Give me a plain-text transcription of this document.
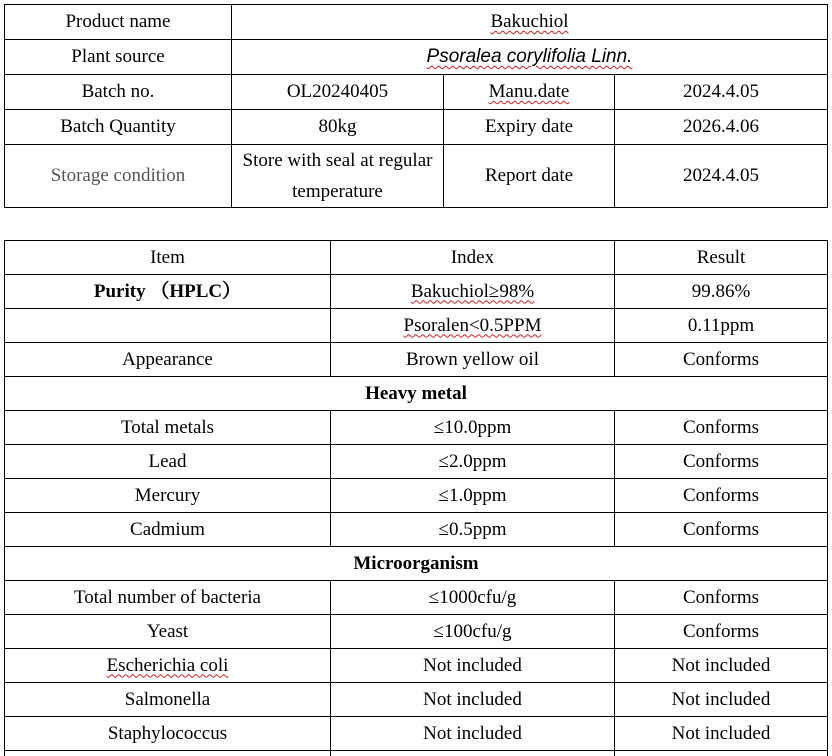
Product name	Bakuchiol		
Plant source	Psoralea corylifolia Linn.		
Batch no.	OL20240405	Manu.date	2024.4.05
Batch Quantity	80kg	Expiry date	2026.4.06
Storage condition	Store with seal at regular temperature	Report date	2024.4.05
Item	Index	Result
Purity （HPLC）	Bakuchiol≥98%	99.86%
	Psoralen<0.5PPM	0.11ppm
Appearance	Brown yellow oil	Conforms
Heavy metal		
Total metals	≤10.0ppm	Conforms
Lead	≤2.0ppm	Conforms
Mercury	≤1.0ppm	Conforms
Cadmium	≤0.5ppm	Conforms
Microorganism		
Total number of bacteria	≤1000cfu/g	Conforms
Yeast	≤100cfu/g	Conforms
Escherichia coli	Not included	Not included
Salmonella	Not included	Not included
Staphylococcus	Not included	Not included
